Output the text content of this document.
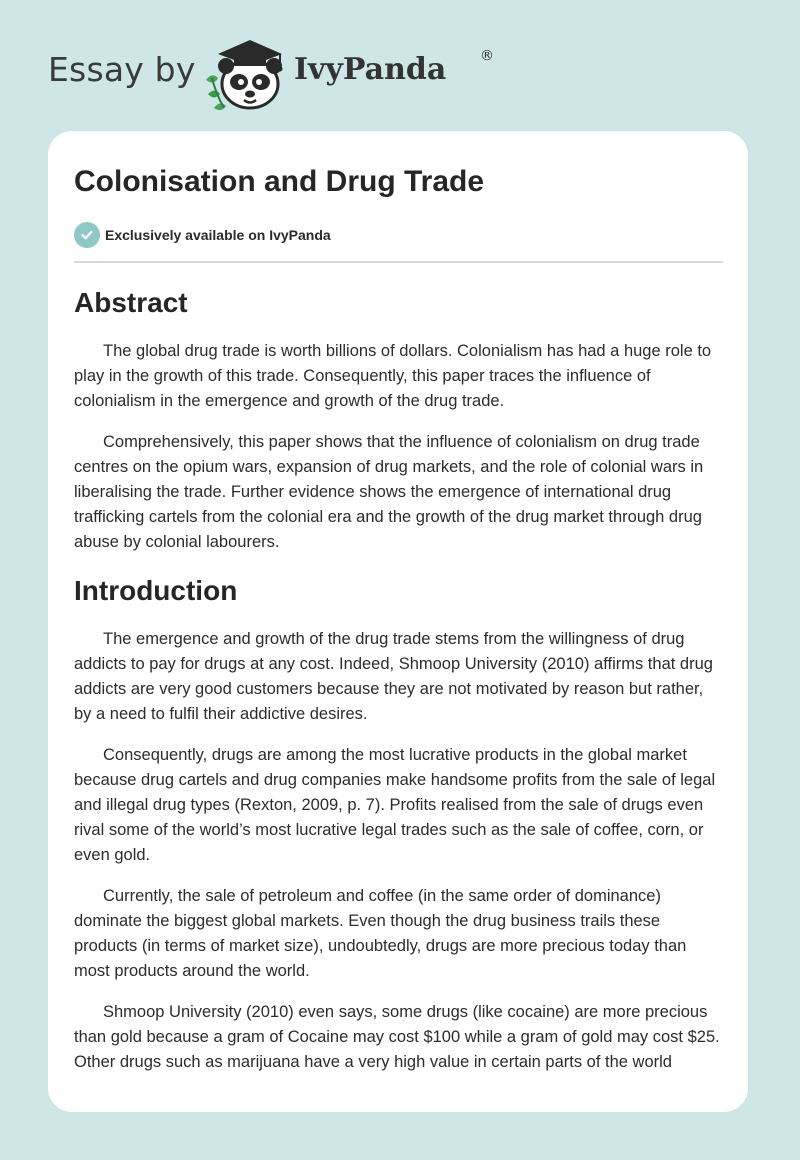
Essay by	IvyPanda ®
Colonisation and Drug Trade
Exclusively available on IvyPanda
Abstract

The global drug trade is worth billions of dollars. Colonialism has had a huge role to play in the growth of this trade. Consequently, this paper traces the influence of colonialism in the emergence and growth of the drug trade.

Comprehensively, this paper shows that the influence of colonialism on drug trade centres on the opium wars, expansion of drug markets, and the role of colonial wars in liberalising the trade. Further evidence shows the emergence of international drug trafficking cartels from the colonial era and the growth of the drug market through drug abuse by colonial labourers.

Introduction

The emergence and growth of the drug trade stems from the willingness of drug addicts to pay for drugs at any cost. Indeed, Shmoop University (2010) affirms that drug addicts are very good customers because they are not motivated by reason but rather, by a need to fulfil their addictive desires.

Consequently, drugs are among the most lucrative products in the global market because drug cartels and drug companies make handsome profits from the sale of legal and illegal drug types (Rexton, 2009, p. 7). Profits realised from the sale of drugs even rival some of the world’s most lucrative legal trades such as the sale of coffee, corn, or even gold.

Currently, the sale of petroleum and coffee (in the same order of dominance) dominate the biggest global markets. Even though the drug business trails these products (in terms of market size), undoubtedly, drugs are more precious today than most products around the world.

Shmoop University (2010) even says, some drugs (like cocaine) are more precious than gold because a gram of Cocaine may cost $100 while a gram of gold may cost $25. Other drugs such as marijuana have a very high value in certain parts of the world
